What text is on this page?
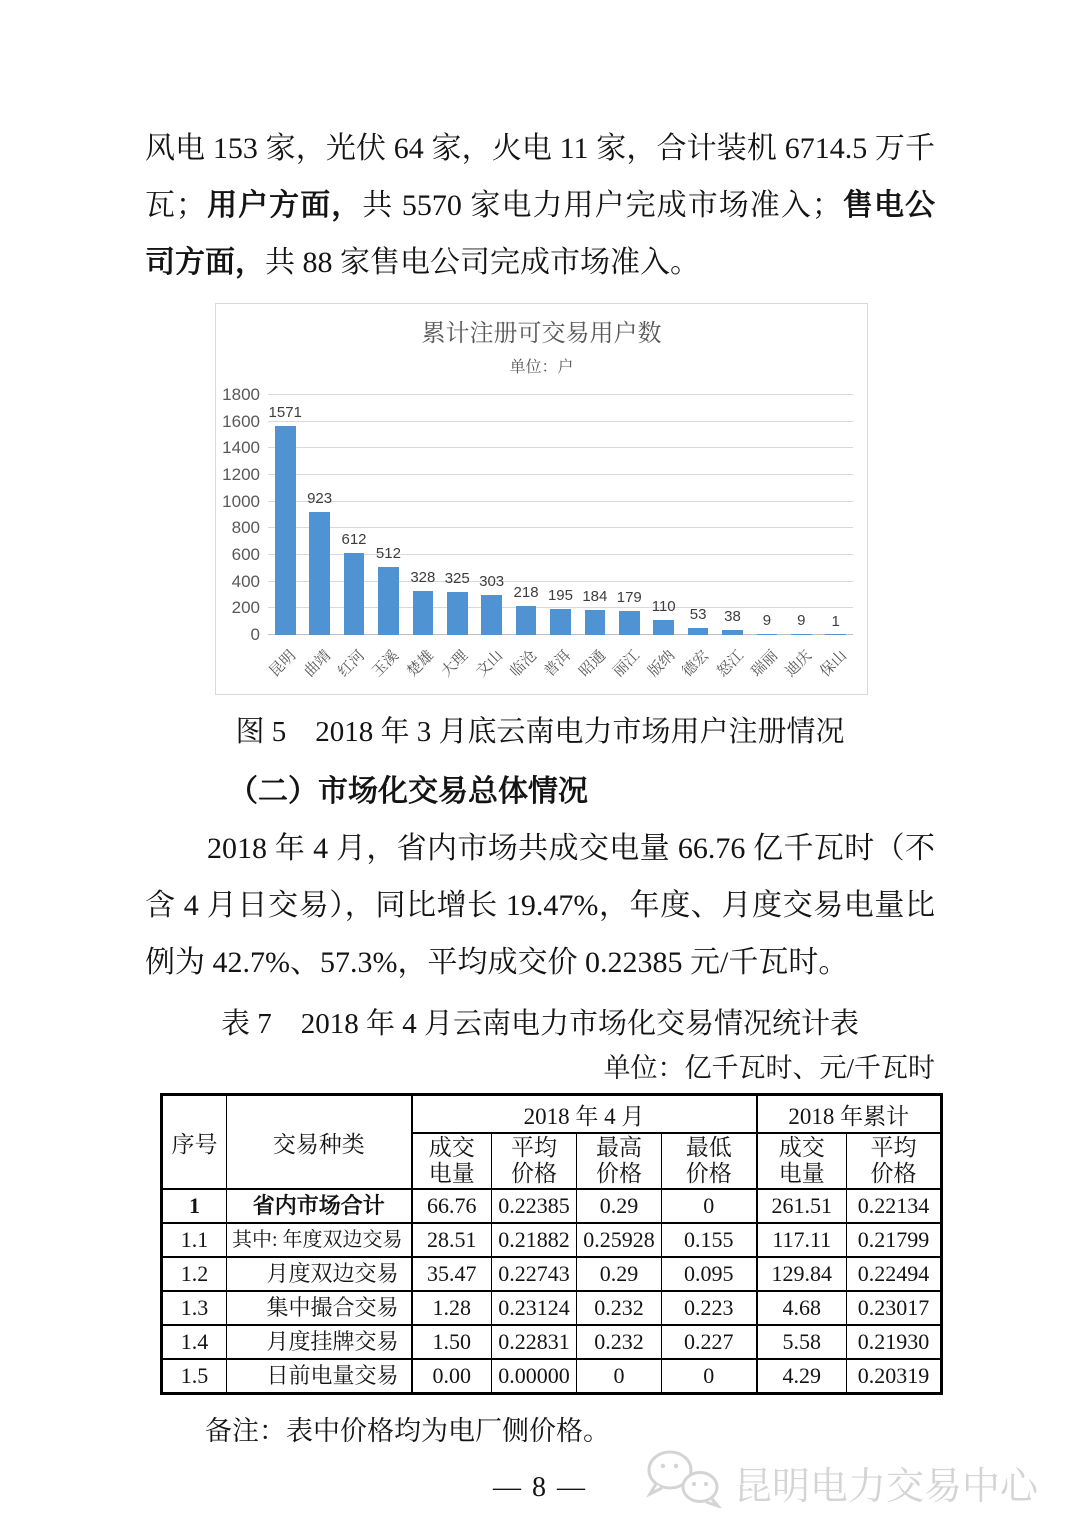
风电 153 家，光伏 64 家，火电 11 家，合计装机 6714.5 万千瓦；用户方面，共 5570 家电力用户完成市场准入；售电公司方面，共 88 家售电公司完成市场准入。
累计注册可交易用户数
单位：户
0
200
400
600
800
1000
1200
1400
1600
1800
1571
923
612
512
328 325 303
218 195 184 179
110 53 38 9 9 1
昆明 曲靖 红河 玉溪 楚雄 大理 文山 临沧 普洱 昭通 丽江 版纳 德宏 怒江 瑞丽 迪庆 保山
图 5　2018 年 3 月底云南电力市场用户注册情况
（二）市场化交易总体情况
2018 年 4 月，省内市场共成交电量 66.76 亿千瓦时（不含 4 月日交易），同比增长 19.47%，年度、月度交易电量比例为 42.7%、57.3%，平均成交价 0.22385 元/千瓦时。
表 7　2018 年 4 月云南电力市场化交易情况统计表
单位：亿千瓦时、元/千瓦时
序号	交易种类	2018 年 4 月				2018 年累计	

成交
电量

平均
价格

最高
价格

最低
价格

成交
电量

平均
价格

1	省内市场合计	66.76	0.22385	0.29	0	261.51	0.22134
1.1	其中: 年度双边交易	28.51	0.21882	0.25928	0.155	117.11	0.21799
1.2	月度双边交易	35.47	0.22743	0.29	0.095	129.84	0.22494
1.3	集中撮合交易	1.28	0.23124	0.232	0.223	4.68	0.23017
1.4	月度挂牌交易	1.50	0.22831	0.232	0.227	5.58	0.21930
1.5	日前电量交易	0.00	0.00000	0	0	4.29	0.20319
备注：表中价格均为电厂侧价格。
— 8 —	昆明电力交易中心
